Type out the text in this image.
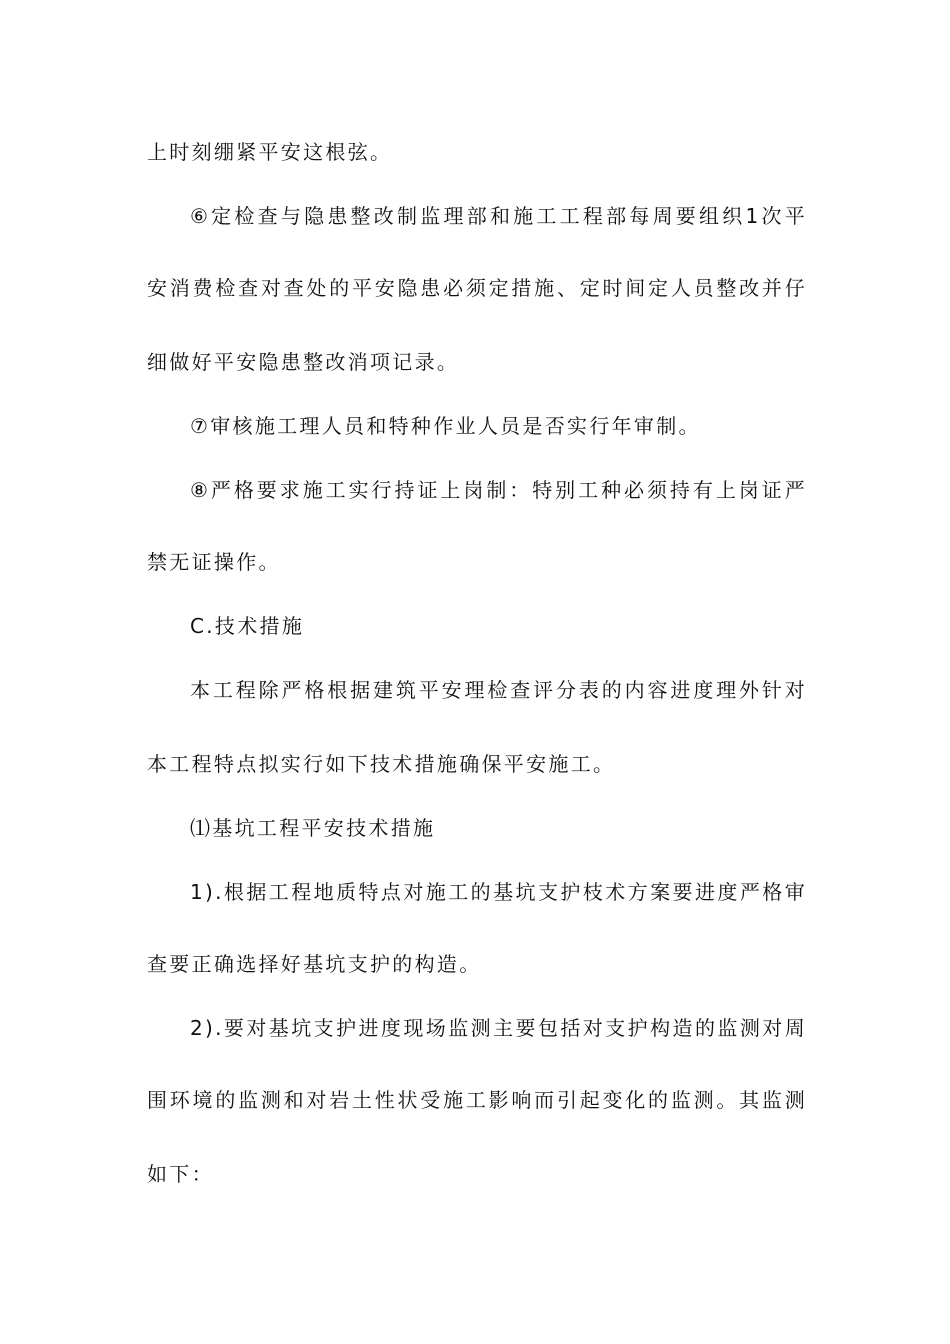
上时刻绷紧平安这根弦。
⑥定检查与隐患整改制监理部和施工工程部每周要组织1次平
安消费检查对查处的平安隐患必须定措施、定时间定人员整改并仔
细做好平安隐患整改消项记录。
⑦审核施工理人员和特种作业人员是否实行年审制。
⑧严格要求施工实行持证上岗制：特别工种必须持有上岗证严
禁无证操作。
C.技术措施
本工程除严格根据建筑平安理检查评分表的内容进度理外针对
本工程特点拟实行如下技术措施确保平安施工。
⑴基坑工程平安技术措施
1).根据工程地质特点对施工的基坑支护枝术方案要进度严格审
查要正确选择好基坑支护的构造。
2).要对基坑支护进度现场监测主要包括对支护构造的监测对周
围环境的监测和对岩土性状受施工影响而引起变化的监测。其监测
如下：
